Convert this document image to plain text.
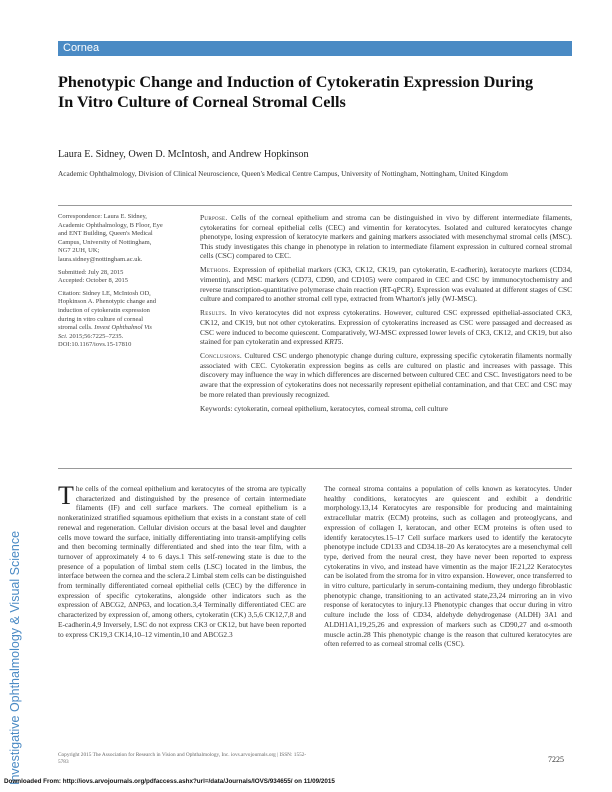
Cornea
Phenotypic Change and Induction of Cytokeratin Expression During In Vitro Culture of Corneal Stromal Cells
Laura E. Sidney, Owen D. McIntosh, and Andrew Hopkinson
Academic Ophthalmology, Division of Clinical Neuroscience, Queen's Medical Centre Campus, University of Nottingham, Nottingham, United Kingdom

Correspondence: Laura E. Sidney, Academic Ophthalmology, B Floor, Eye and ENT Building, Queen's Medical Campus, University of Nottingham, NG7 2UH, UK; laura.sidney@nottingham.ac.uk.

Submitted: July 28, 2015

Accepted: October 8, 2015

Citation: Sidney LE, McIntosh OD, Hopkinson A. Phenotypic change and induction of cytokeratin expression during in vitro culture of corneal stromal cells. Invest Ophthalmol Vis Sci. 2015;56:7225–7235. DOI:10.1167/iovs.15-17810

Purpose. Cells of the corneal epithelium and stroma can be distinguished in vivo by different intermediate filaments, cytokeratins for corneal epithelial cells (CEC) and vimentin for keratocytes. Isolated and cultured keratocytes change phenotype, losing expression of keratocyte markers and gaining markers associated with mesenchymal stromal cells (MSC). This study investigates this change in phenotype in relation to intermediate filament expression in cultured corneal stromal cells (CSC) compared to CEC.

Methods. Expression of epithelial markers (CK3, CK12, CK19, pan cytokeratin, E-cadherin), keratocyte markers (CD34, vimentin), and MSC markers (CD73, CD90, and CD105) were compared in CEC and CSC by immunocytochemistry and reverse transcription-quantitative polymerase chain reaction (RT-qPCR). Expression was evaluated at different stages of CSC culture and compared to another stromal cell type, extracted from Wharton's jelly (WJ-MSC).

Results. In vivo keratocytes did not express cytokeratins. However, cultured CSC expressed epithelial-associated CK3, CK12, and CK19, but not other cytokeratins. Expression of cytokeratins increased as CSC were passaged and decreased as CSC were induced to become quiescent. Comparatively, WJ-MSC expressed lower levels of CK3, CK12, and CK19, but also stained for pan cytokeratin and expressed KRT5.

Conclusions. Cultured CSC undergo phenotypic change during culture, expressing specific cytokeratin filaments normally associated with CEC. Cytokeratin expression begins as cells are cultured on plastic and increases with passage. This discovery may influence the way in which differences are discerned between cultured CEC and CSC. Investigators need to be aware that the expression of cytokeratins does not necessarily represent epithelial contamination, and that CEC and CSC may be more related than previously recognized.

Keywords: cytokeratin, corneal epithelium, keratocytes, corneal stroma, cell culture

Investigative Ophthalmology & Visual Science

The cells of the corneal epithelium and keratocytes of the stroma are typically characterized and distinguished by the presence of certain intermediate filaments (IF) and cell surface markers. The corneal epithelium is a nonkeratinized stratified squamous epithelium that exists in a constant state of cell renewal and regeneration. Cellular division occurs at the basal level and daughter cells move toward the surface, initially differentiating into transit-amplifying cells and then becoming terminally differentiated and shed into the tear film, with a turnover of approximately 4 to 6 days.1 This self-renewing state is due to the presence of a population of limbal stem cells (LSC) located in the limbus, the interface between the cornea and the sclera.2 Limbal stem cells can be distinguished from terminally differentiated corneal epithelial cells (CEC) by the difference in expression of specific cytokeratins, alongside other indicators such as the expression of ABCG2, ΔNP63, and location.3,4 Terminally differentiated CEC are characterized by expression of, among others, cytokeratin (CK) 3,5,6 CK12,7,8 and E-cadherin.4,9 Inversely, LSC do not express CK3 or CK12, but have been reported to express CK19,3 CK14,10–12 vimentin,10 and ABCG2.3

The corneal stroma contains a population of cells known as keratocytes. Under healthy conditions, keratocytes are quiescent and exhibit a dendritic morphology.13,14 Keratocytes are responsible for producing and maintaining extracellular matrix (ECM) proteins, such as collagen and proteoglycans, and expression of collagen I, keratocan, and other ECM proteins is often used to identify keratocytes.15–17 Cell surface markers used to identify the keratocyte phenotype include CD133 and CD34.18–20 As keratocytes are a mesenchymal cell type, derived from the neural crest, they have never been reported to express cytokeratins in vivo, and instead have vimentin as the major IF.21,22 Keratocytes can be isolated from the stroma for in vitro expansion. However, once transferred to in vitro culture, particularly in serum-containing medium, they undergo fibroblastic phenotypic change, transitioning to an activated state,23,24 mirroring an in vivo response of keratocytes to injury.13 Phenotypic changes that occur during in vitro culture include the loss of CD34, aldehyde dehydrogenase (ALDH) 3A1 and ALDH1A1,19,25,26 and expression of markers such as CD90,27 and α-smooth muscle actin.28 This phenotypic change is the reason that cultured keratocytes are often referred to as corneal stromal cells (CSC).

Copyright 2015 The Association for Research in Vision and Ophthalmology, Inc. iovs.arvojournals.org | ISSN: 1552-5783	7225
Downloaded From: http://iovs.arvojournals.org/pdfaccess.ashx?url=/data/Journals/IOVS/934655/ on 11/09/2015
